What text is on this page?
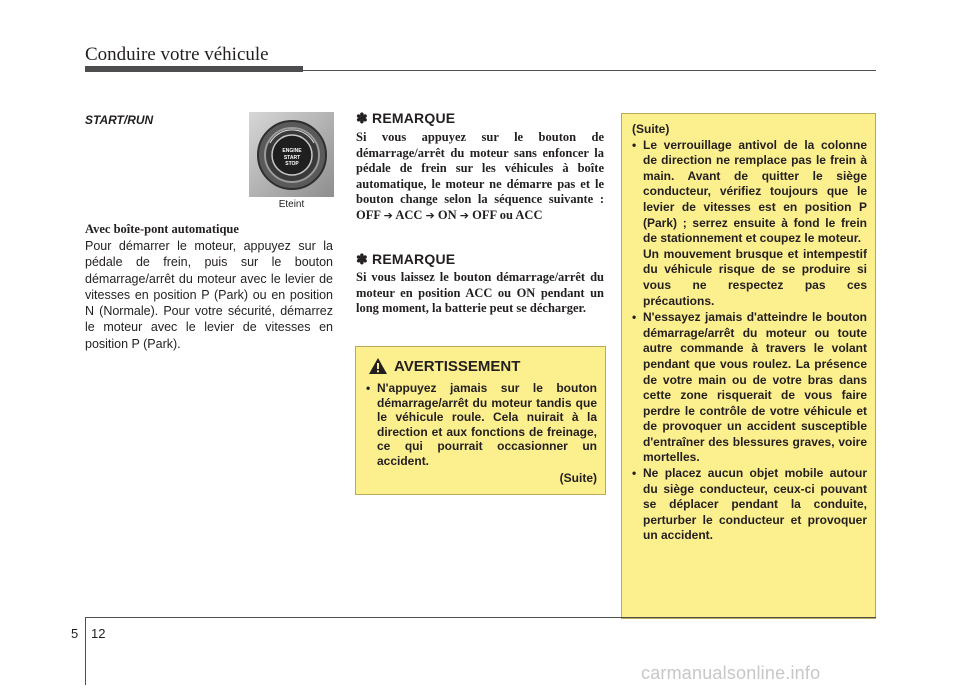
Conduire votre véhicule
START/RUN
ENGINE
START
STOP
Eteint
Avec boîte-pont automatique

Pour démarrer le moteur, appuyez sur la pédale de frein, puis sur le bouton démarrage/arrêt du moteur avec le levier de vitesses en position P (Park) ou en position N (Normale). Pour votre sécurité, démarrez le moteur avec le levier de vitesses en position P (Park).

✽ REMARQUE

Si vous appuyez sur le bouton de démarrage/arrêt du moteur sans enfoncer la pédale de frein sur les véhicules à boîte automatique, le moteur ne démarre pas et le bouton change selon la séquence suivante : OFF ➔ ACC ➔ ON ➔ OFF ou ACC

✽ REMARQUE

Si vous laissez le bouton démarrage/arrêt du moteur en position ACC ou ON pendant un long moment, la batterie peut se décharger.

AVERTISSEMENT
• N'appuyez jamais sur le bouton démarrage/arrêt du moteur tandis que le véhicule roule. Cela nuirait à la direction et aux fonctions de freinage, ce qui pourrait occasionner un accident.
(Suite)
(Suite)
• Le verrouillage antivol de la colonne de direction ne remplace pas le frein à main. Avant de quitter le siège conducteur, vérifiez toujours que le levier de vitesses est en position P (Park) ; serrez ensuite à fond le frein de stationnement et coupez le moteur.
Un mouvement brusque et intempestif du véhicule risque de se produire si vous ne respectez pas ces précautions.
• N'essayez jamais d'atteindre le bouton démarrage/arrêt du moteur ou toute autre commande à travers le volant pendant que vous roulez. La présence de votre main ou de votre bras dans cette zone risquerait de vous faire perdre le contrôle de votre véhicule et de provoquer un accident susceptible d'entraîner des blessures graves, voire mortelles.
• Ne placez aucun objet mobile autour du siège conducteur, ceux-ci pouvant se déplacer pendant la conduite, perturber le conducteur et provoquer un accident.
5 12
carmanualsonline.info
